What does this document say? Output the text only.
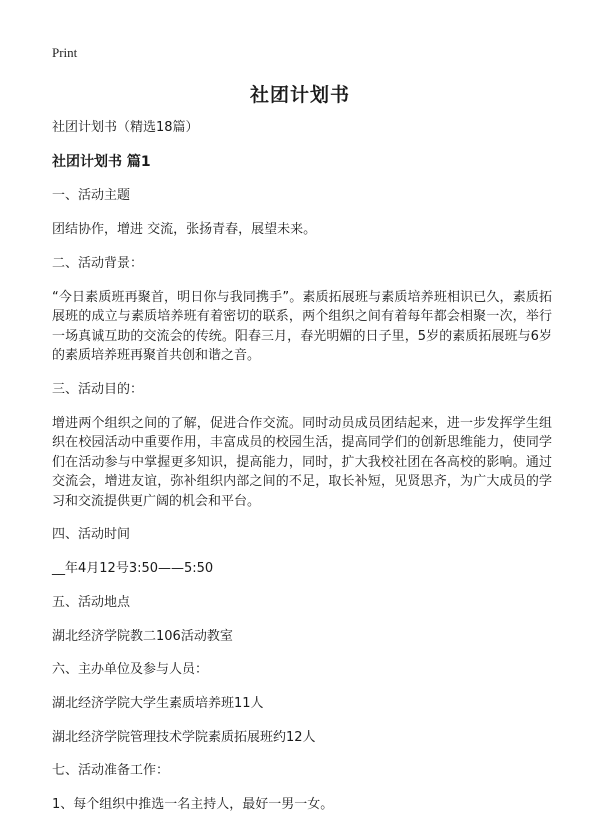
Print
社团计划书

社团计划书（精选18篇）

社团计划书 篇1

一、活动主题

团结协作，增进 交流，张扬青春，展望未来。

二、活动背景：

“今日素质班再聚首，明日你与我同携手”。素质拓展班与素质培养班相识已久，素质拓展班的成立与素质培养班有着密切的联系，两个组织之间有着每年都会相聚一次，举行一场真诚互助的交流会的传统。阳春三月，春光明媚的日子里，5岁的素质拓展班与6岁的素质培养班再聚首共创和谐之音。

三、活动目的：

增进两个组织之间的了解，促进合作交流。同时动员成员团结起来，进一步发挥学生组织在校园活动中重要作用，丰富成员的校园生活，提高同学们的创新思维能力，使同学们在活动参与中掌握更多知识，提高能力，同时，扩大我校社团在各高校的影响。通过交流会，增进友谊，弥补组织内部之间的不足，取长补短，见贤思齐，为广大成员的学习和交流提供更广阔的机会和平台。

四、活动时间

__年4月12号3:50——5:50

五、活动地点

湖北经济学院教二106活动教室

六、主办单位及参与人员：

湖北经济学院大学生素质培养班11人

湖北经济学院管理技术学院素质拓展班约12人

七、活动准备工作：

1、每个组织中推选一名主持人，最好一男一女。
